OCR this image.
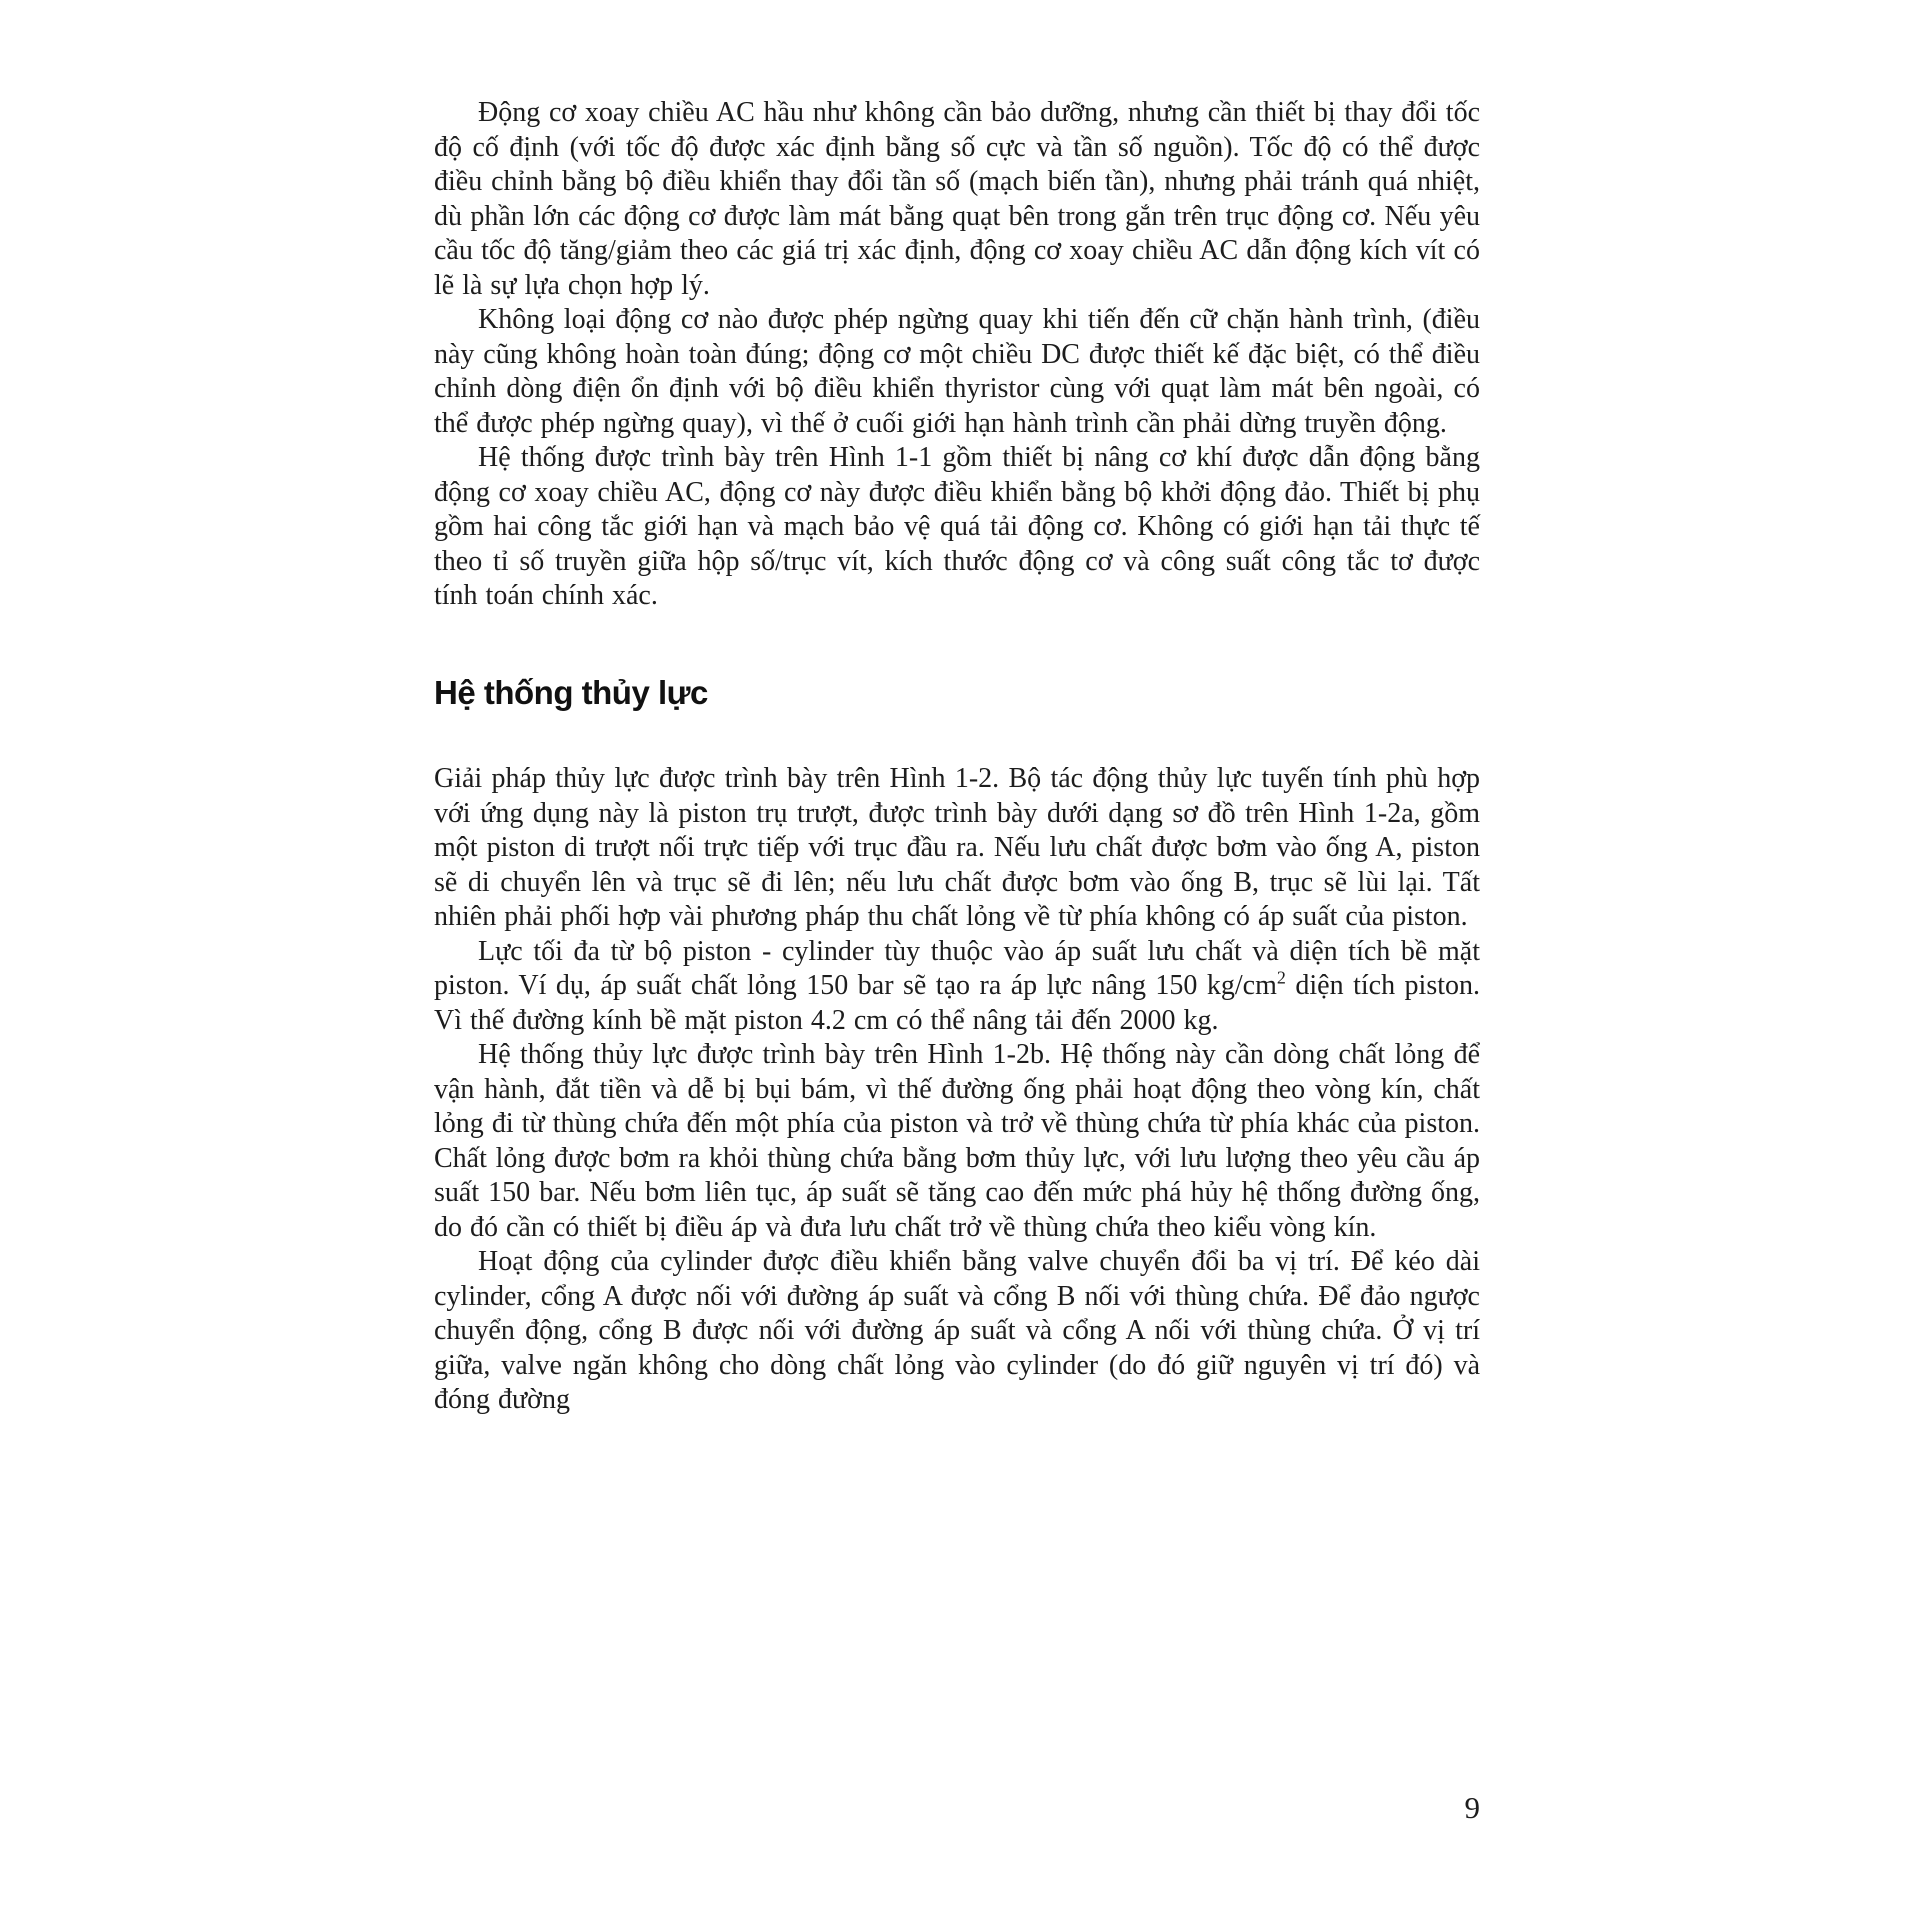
Động cơ xoay chiều AC hầu như không cần bảo dưỡng, nhưng cần thiết bị thay đổi tốc độ cố định (với tốc độ được xác định bằng số cực và tần số nguồn). Tốc độ có thể được điều chỉnh bằng bộ điều khiển thay đổi tần số (mạch biến tần), nhưng phải tránh quá nhiệt, dù phần lớn các động cơ được làm mát bằng quạt bên trong gắn trên trục động cơ. Nếu yêu cầu tốc độ tăng/giảm theo các giá trị xác định, động cơ xoay chiều AC dẫn động kích vít có lẽ là sự lựa chọn hợp lý.

Không loại động cơ nào được phép ngừng quay khi tiến đến cữ chặn hành trình, (điều này cũng không hoàn toàn đúng; động cơ một chiều DC được thiết kế đặc biệt, có thể điều chỉnh dòng điện ổn định với bộ điều khiển thyristor cùng với quạt làm mát bên ngoài, có thể được phép ngừng quay), vì thế ở cuối giới hạn hành trình cần phải dừng truyền động.

Hệ thống được trình bày trên Hình 1-1 gồm thiết bị nâng cơ khí được dẫn động bằng động cơ xoay chiều AC, động cơ này được điều khiển bằng bộ khởi động đảo. Thiết bị phụ gồm hai công tắc giới hạn và mạch bảo vệ quá tải động cơ. Không có giới hạn tải thực tế theo tỉ số truyền giữa hộp số/trục vít, kích thước động cơ và công suất công tắc tơ được tính toán chính xác.

Hệ thống thủy lực

Giải pháp thủy lực được trình bày trên Hình 1-2. Bộ tác động thủy lực tuyến tính phù hợp với ứng dụng này là piston trụ trượt, được trình bày dưới dạng sơ đồ trên Hình 1-2a, gồm một piston di trượt nối trực tiếp với trục đầu ra. Nếu lưu chất được bơm vào ống A, piston sẽ di chuyển lên và trục sẽ đi lên; nếu lưu chất được bơm vào ống B, trục sẽ lùi lại. Tất nhiên phải phối hợp vài phương pháp thu chất lỏng về từ phía không có áp suất của piston.

Lực tối đa từ bộ piston - cylinder tùy thuộc vào áp suất lưu chất và diện tích bề mặt piston. Ví dụ, áp suất chất lỏng 150 bar sẽ tạo ra áp lực nâng 150 $kg/cm^2$ diện tích piston. Vì thế đường kính bề mặt piston 4.2 cm có thể nâng tải đến 2000 kg.

Hệ thống thủy lực được trình bày trên Hình 1-2b. Hệ thống này cần dòng chất lỏng để vận hành, đắt tiền và dễ bị bụi bám, vì thế đường ống phải hoạt động theo vòng kín, chất lỏng đi từ thùng chứa đến một phía của piston và trở về thùng chứa từ phía khác của piston. Chất lỏng được bơm ra khỏi thùng chứa bằng bơm thủy lực, với lưu lượng theo yêu cầu áp suất 150 bar. Nếu bơm liên tục, áp suất sẽ tăng cao đến mức phá hủy hệ thống đường ống, do đó cần có thiết bị điều áp và đưa lưu chất trở về thùng chứa theo kiểu vòng kín.

Hoạt động của cylinder được điều khiển bằng valve chuyển đổi ba vị trí. Để kéo dài cylinder, cổng A được nối với đường áp suất và cổng B nối với thùng chứa. Để đảo ngược chuyển động, cổng B được nối với đường áp suất và cổng A nối với thùng chứa. Ở vị trí giữa, valve ngăn không cho dòng chất lỏng vào cylinder (do đó giữ nguyên vị trí đó) và đóng đường

9
